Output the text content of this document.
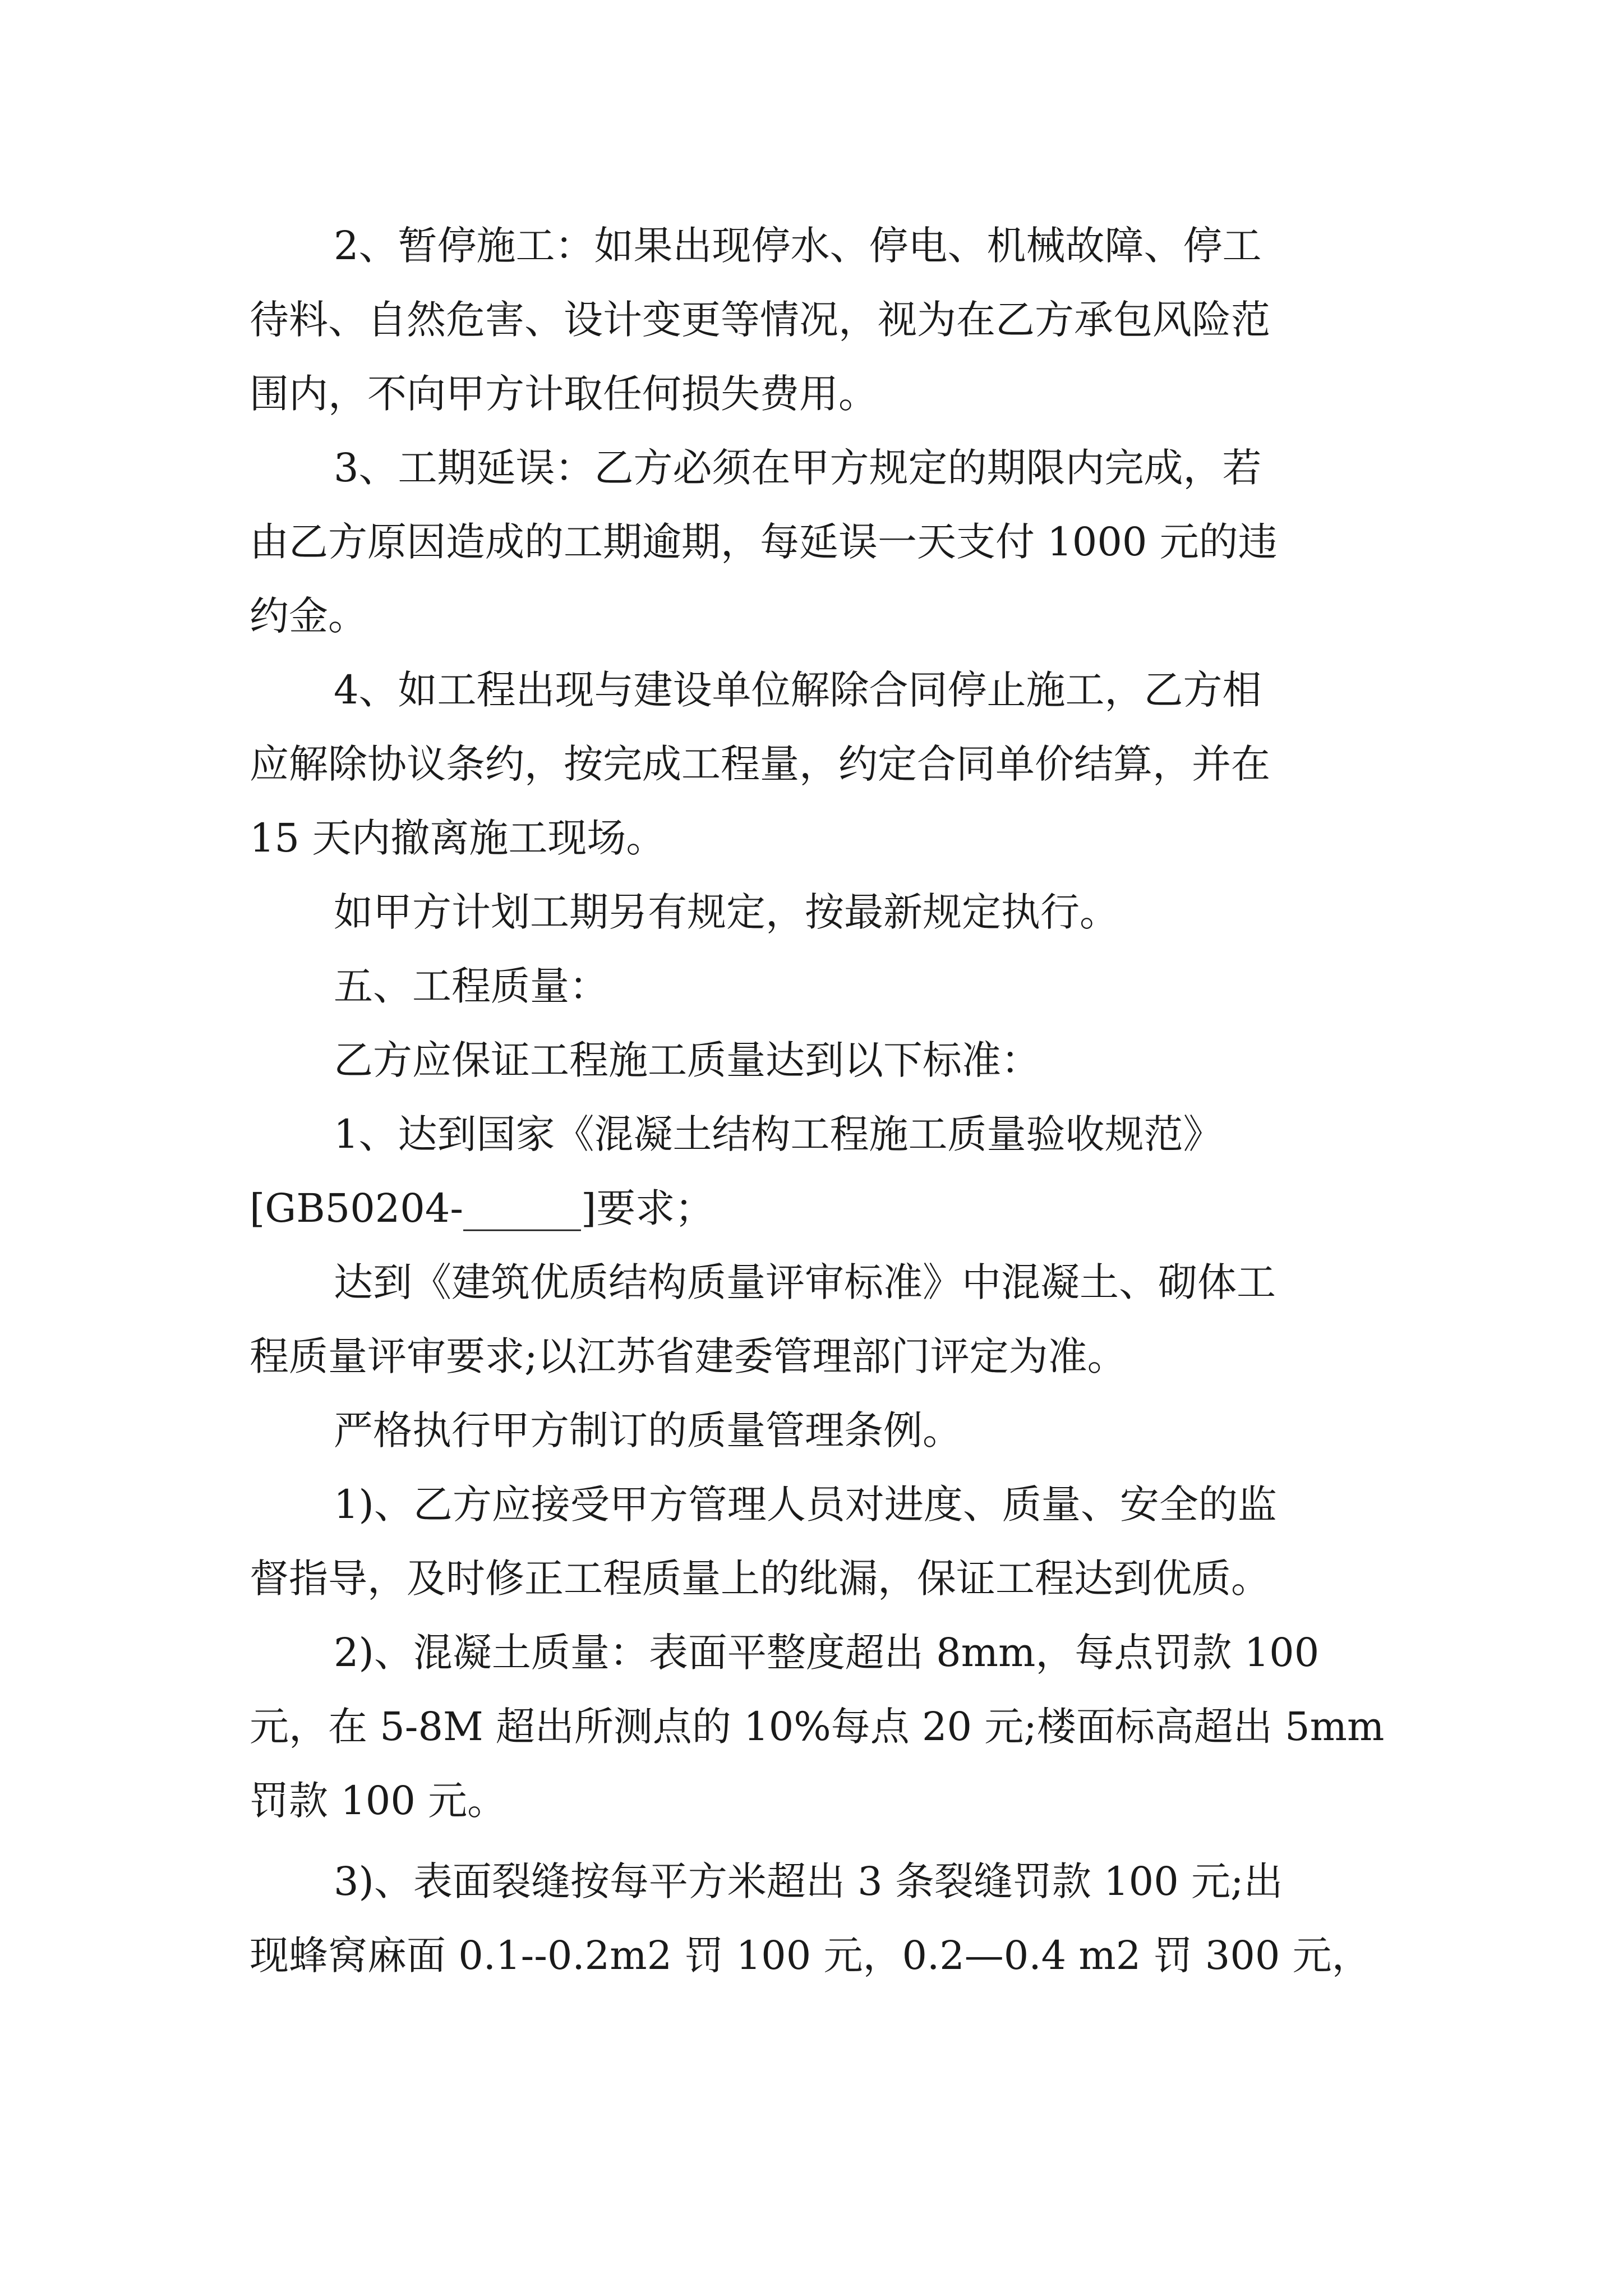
2、暂停施工：如果出现停水、停电、机械故障、停工
待料、自然危害、设计变更等情况，视为在乙方承包风险范
围内，不向甲方计取任何损失费用。
3、工期延误：乙方必须在甲方规定的期限内完成，若
由乙方原因造成的工期逾期，每延误一天支付 1000 元的违
约金。
4、如工程出现与建设单位解除合同停止施工，乙方相
应解除协议条约，按完成工程量，约定合同单价结算，并在
15 天内撤离施工现场。
如甲方计划工期另有规定，按最新规定执行。
五、工程质量：
乙方应保证工程施工质量达到以下标准：
1、达到国家《混凝土结构工程施工质量验收规范》
[GB50204-______]要求；
达到《建筑优质结构质量评审标准》中混凝土、砌体工
程质量评审要求;以江苏省建委管理部门评定为准。
严格执行甲方制订的质量管理条例。
1)、乙方应接受甲方管理人员对进度、质量、安全的监
督指导，及时修正工程质量上的纰漏，保证工程达到优质。
2)、混凝土质量：表面平整度超出 8mm，每点罚款 100
元，在 5-8M 超出所测点的 10%每点 20 元;楼面标高超出 5mm
罚款 100 元。
3)、表面裂缝按每平方米超出 3 条裂缝罚款 100 元;出
现蜂窝麻面 0.1--0.2m2 罚 100 元，0.2—0.4 m2 罚 300 元，
